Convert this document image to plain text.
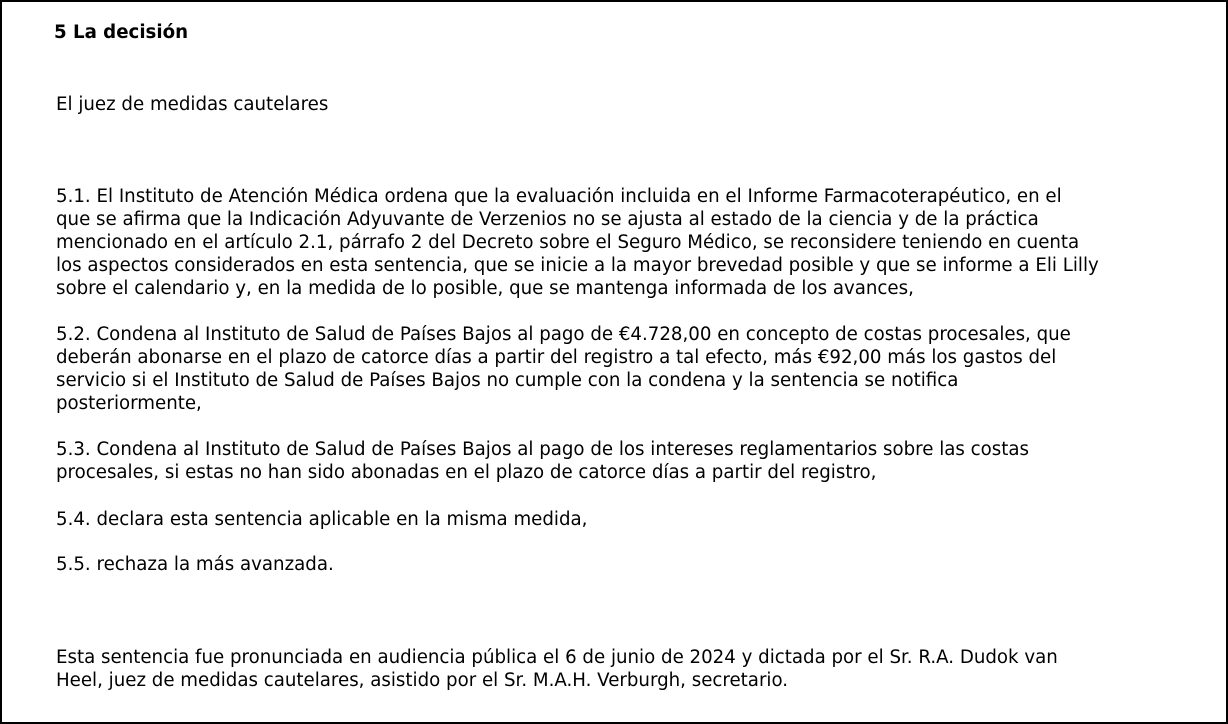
5 La decisión

El juez de medidas cautelares

5.1. El Instituto de Atención Médica ordena que la evaluación incluida en el Informe Farmacoterapéutico, en el
que se afirma que la Indicación Adyuvante de Verzenios no se ajusta al estado de la ciencia y de la práctica
mencionado en el artículo 2.1, párrafo 2 del Decreto sobre el Seguro Médico, se reconsidere teniendo en cuenta
los aspectos considerados en esta sentencia, que se inicie a la mayor brevedad posible y que se informe a Eli Lilly
sobre el calendario y, en la medida de lo posible, que se mantenga informada de los avances,

5.2. Condena al Instituto de Salud de Países Bajos al pago de €4.728,00 en concepto de costas procesales, que
deberán abonarse en el plazo de catorce días a partir del registro a tal efecto, más €92,00 más los gastos del
servicio si el Instituto de Salud de Países Bajos no cumple con la condena y la sentencia se notifica
posteriormente,

5.3. Condena al Instituto de Salud de Países Bajos al pago de los intereses reglamentarios sobre las costas
procesales, si estas no han sido abonadas en el plazo de catorce días a partir del registro,

5.4. declara esta sentencia aplicable en la misma medida,

5.5. rechaza la más avanzada.

Esta sentencia fue pronunciada en audiencia pública el 6 de junio de 2024 y dictada por el Sr. R.A. Dudok van
Heel, juez de medidas cautelares, asistido por el Sr. M.A.H. Verburgh, secretario.
